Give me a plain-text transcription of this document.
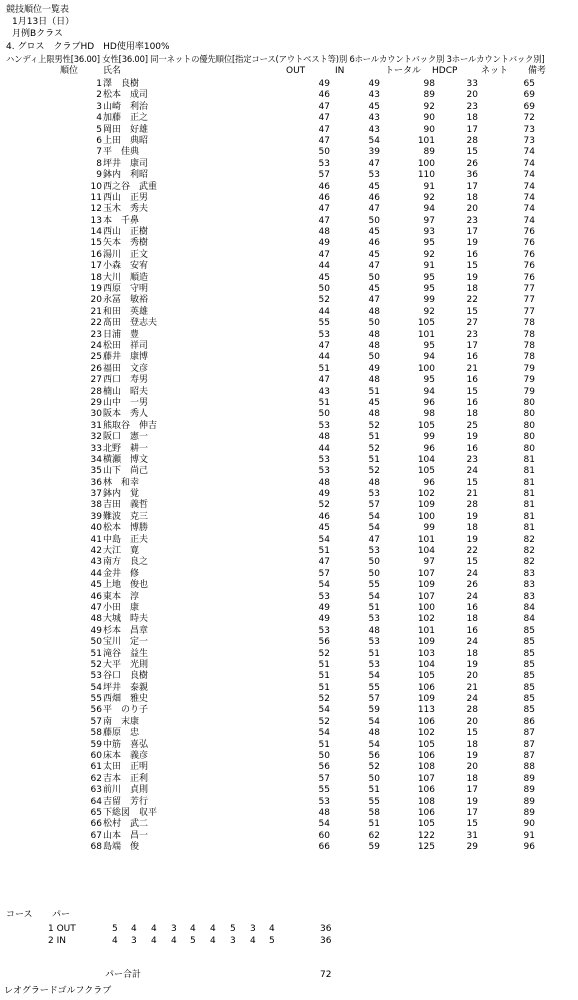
競技順位一覧表
1月13日（日）
月例Bクラス
4. グロス　クラブHD　HD使用率100%
ハンディ上限男性[36.00] 女性[36.00] 同一ネットの優先順位[指定コース(アウトベスト等)別 6ホールカウントバック別 3ホールカウントバック別]
順位	氏名	OUT	IN	トータル HDCP	ネット 備考
1 澤　良樹	49	49	98	33	65
2 松本　成司	46	43	89	20	69
3 山崎　利治	47	45	92	23	69
4 加藤　正之	47	43	90	18	72
5 岡田　好雄	47	43	90	17	73
6 上田　典昭	47	54	101	28	73
7 平　佳典	50	39	89	15	74
8 坪井　康司	53	47	100	26	74
9 鉢内　利昭	57	53	110	36	74
10 西之谷　武重	46	45	91	17	74
11 西山　正男	46	46	92	18	74
12 玉木　秀夫	47	47	94	20	74
13 本　千鼻	47	50	97	23	74
14 西山　正樹	48	45	93	17	76
15 矢本　秀樹	49	46	95	19	76
16 湯川　正文	47	45	92	16	76
17 小森　安宥	44	47	91	15	76
18 大川　順造	45	50	95	19	76
19 西原　守明	50	45	95	18	77
20 永冨　敏裕	52	47	99	22	77
21 和田　英雄	44	48	92	15	77
22 髙田　登志夫	55	50	105	27	78
23 日浦　豊	53	48	101	23	78
24 松田　祥司	47	48	95	17	78
25 藤井　康博	44	50	94	16	78
26 福田　文彦	51	49	100	21	79
27 西口　寿男	47	48	95	16	79
28 楠山　昭夫	43	51	94	15	79
29 山中　一男	51	45	96	16	80
30 阪本　秀人	50	48	98	18	80
31 熊取谷　伸吉	53	52	105	25	80
32 阪口　憲一	48	51	99	19	80
33 北野　耕一	44	52	96	16	80
34 横瀬　博文	53	51	104	23	81
35 山下　尚己	53	52	105	24	81
36 林　和幸	48	48	96	15	81
37 鉢内　覚	49	53	102	21	81
38 吉田　義哲	52	57	109	28	81
39 難波　克三	46	54	100	19	81
40 松本　博勝	45	54	99	18	81
41 中島　正夫	54	47	101	19	82
42 大江　寛	51	53	104	22	82
43 南方　良之	47	50	97	15	82
44 金井　修	57	50	107	24	83
45 上地　俊也	54	55	109	26	83
46 東本　淳	53	54	107	24	83
47 小田　康	49	51	100	16	84
48 大城　時夫	49	53	102	18	84
49 杉本　昌章	53	48	101	16	85
50 宝川　定一	56	53	109	24	85
51 滝谷　益生	52	51	103	18	85
52 大平　光則	51	53	104	19	85
53 谷口　良樹	51	54	105	20	85
54 坪井　泰親	51	55	106	21	85
55 西畑　雅史	52	57	109	24	85
56 平　のり子	54	59	113	28	85
57 南　末康	52	54	106	20	86
58 藤原　忠	54	48	102	15	87
59 中筋　喜弘	51	54	105	18	87
60 床本　義彦	50	56	106	19	87
61 太田　正明	56	52	108	20	88
62 吉本　正利	57	50	107	18	89
63 前川　貞則	55	51	106	17	89
64 吉留　芳行	53	55	108	19	89
65 下総図　収平	48	58	106	17	89
66 松村　武二	54	51	105	15	90
67 山本　昌一	60	62	122	31	91
68 島端　俊	66	59	125	29	96
コース パー
1 OUT	5 4 4 3 4 4 5 3 4	36
2 IN	4 3 4 4 5 4 3 4 5	36
パー合計	72
レオグラードゴルフクラブ
